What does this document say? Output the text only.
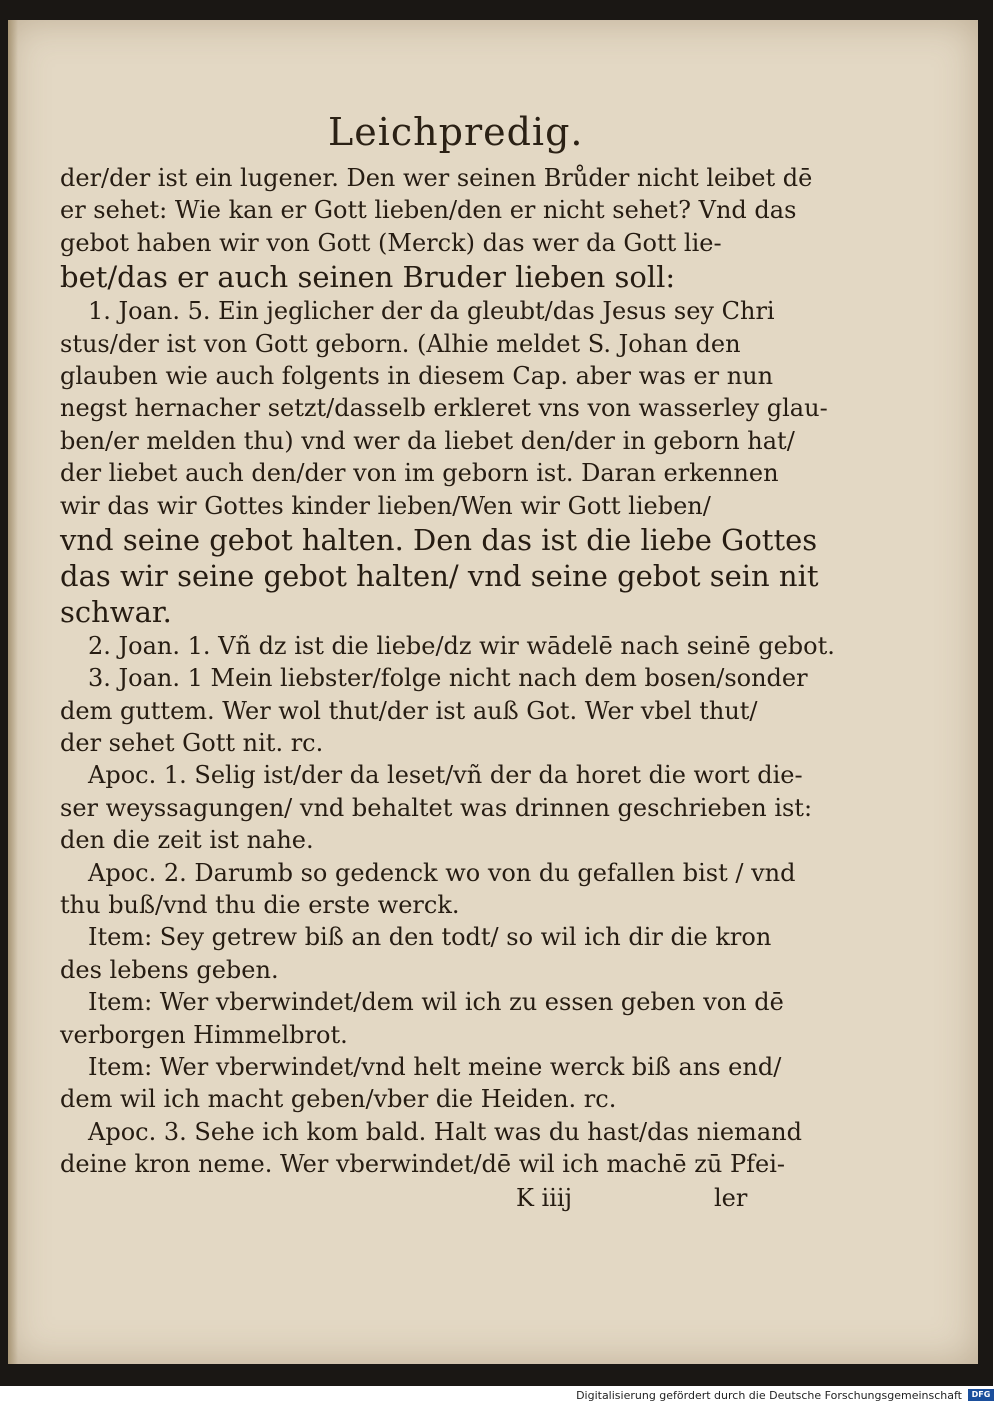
Leichpredig.
der/der ist ein lugener. Den wer seinen Brůder nicht leibet dē
er sehet: Wie kan er Gott lieben/den er nicht sehet? Vnd das
gebot haben wir von Gott (Merck) das wer da Gott lie-
bet/das er auch seinen Bruder lieben soll:
1. Joan. 5. Ein jeglicher der da gleubt/das Jesus sey Chri
stus/der ist von Gott geborn. (Alhie meldet S. Johan den
glauben wie auch folgents in diesem Cap. aber was er nun
negst hernacher setzt/dasselb erkleret vns von wasserley glau-
ben/er melden thu) vnd wer da liebet den/der in geborn hat/
der liebet auch den/der von im geborn ist. Daran erkennen
wir das wir Gottes kinder lieben/Wen wir Gott lieben/
vnd seine gebot halten. Den das ist die liebe Gottes
das wir seine gebot halten/ vnd seine gebot sein nit
schwar.
2. Joan. 1. Vñ dz ist die liebe/dz wir wādelē nach seinē gebot.
3. Joan. 1 Mein liebster/folge nicht nach dem bosen/sonder
dem guttem. Wer wol thut/der ist auß Got. Wer vbel thut/
der sehet Gott nit. rc.
Apoc. 1. Selig ist/der da leset/vñ der da horet die wort die-
ser weyssagungen/ vnd behaltet was drinnen geschrieben ist:
den die zeit ist nahe.
Apoc. 2. Darumb so gedenck wo von du gefallen bist / vnd
thu buß/vnd thu die erste werck.
Item: Sey getrew biß an den todt/ so wil ich dir die kron
des lebens geben.
Item: Wer vberwindet/dem wil ich zu essen geben von dē
verborgen Himmelbrot.
Item: Wer vberwindet/vnd helt meine werck biß ans end/
dem wil ich macht geben/vber die Heiden. rc.
Apoc. 3. Sehe ich kom bald. Halt was du hast/das niemand
deine kron neme. Wer vberwindet/dē wil ich machē zū Pfei-
K iiij	ler
Digitalisierung gefördert durch die Deutsche Forschungsgemeinschaft	DFG
